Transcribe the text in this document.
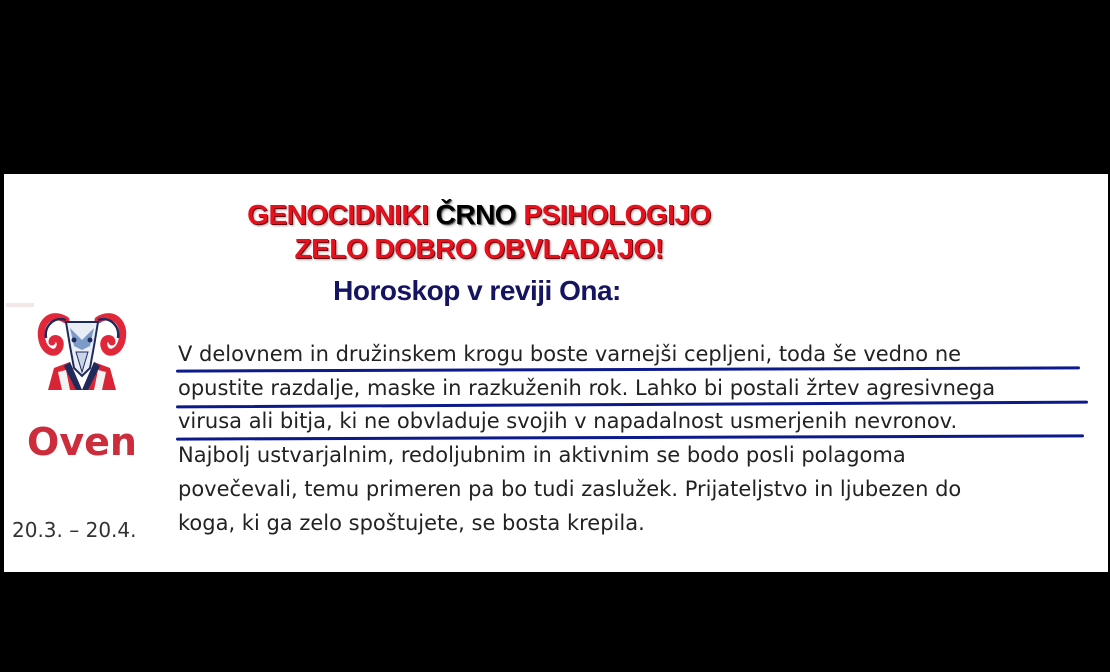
GENOCIDNIKI ČRNO PSIHOLOGIJO
ZELO DOBRO OBVLADAJO!
Horoskop v reviji Ona:
Oven
20.3. – 20.4.
V delovnem in družinskem krogu boste varnejši cepljeni, toda še vedno ne
opustite razdalje, maske in razkuženih rok. Lahko bi postali žrtev agresivnega
virusa ali bitja, ki ne obvladuje svojih v napadalnost usmerjenih nevronov.
Najbolj ustvarjalnim, redoljubnim in aktivnim se bodo posli polagoma
povečevali, temu primeren pa bo tudi zaslužek. Prijateljstvo in ljubezen do
koga, ki ga zelo spoštujete, se bosta krepila.
